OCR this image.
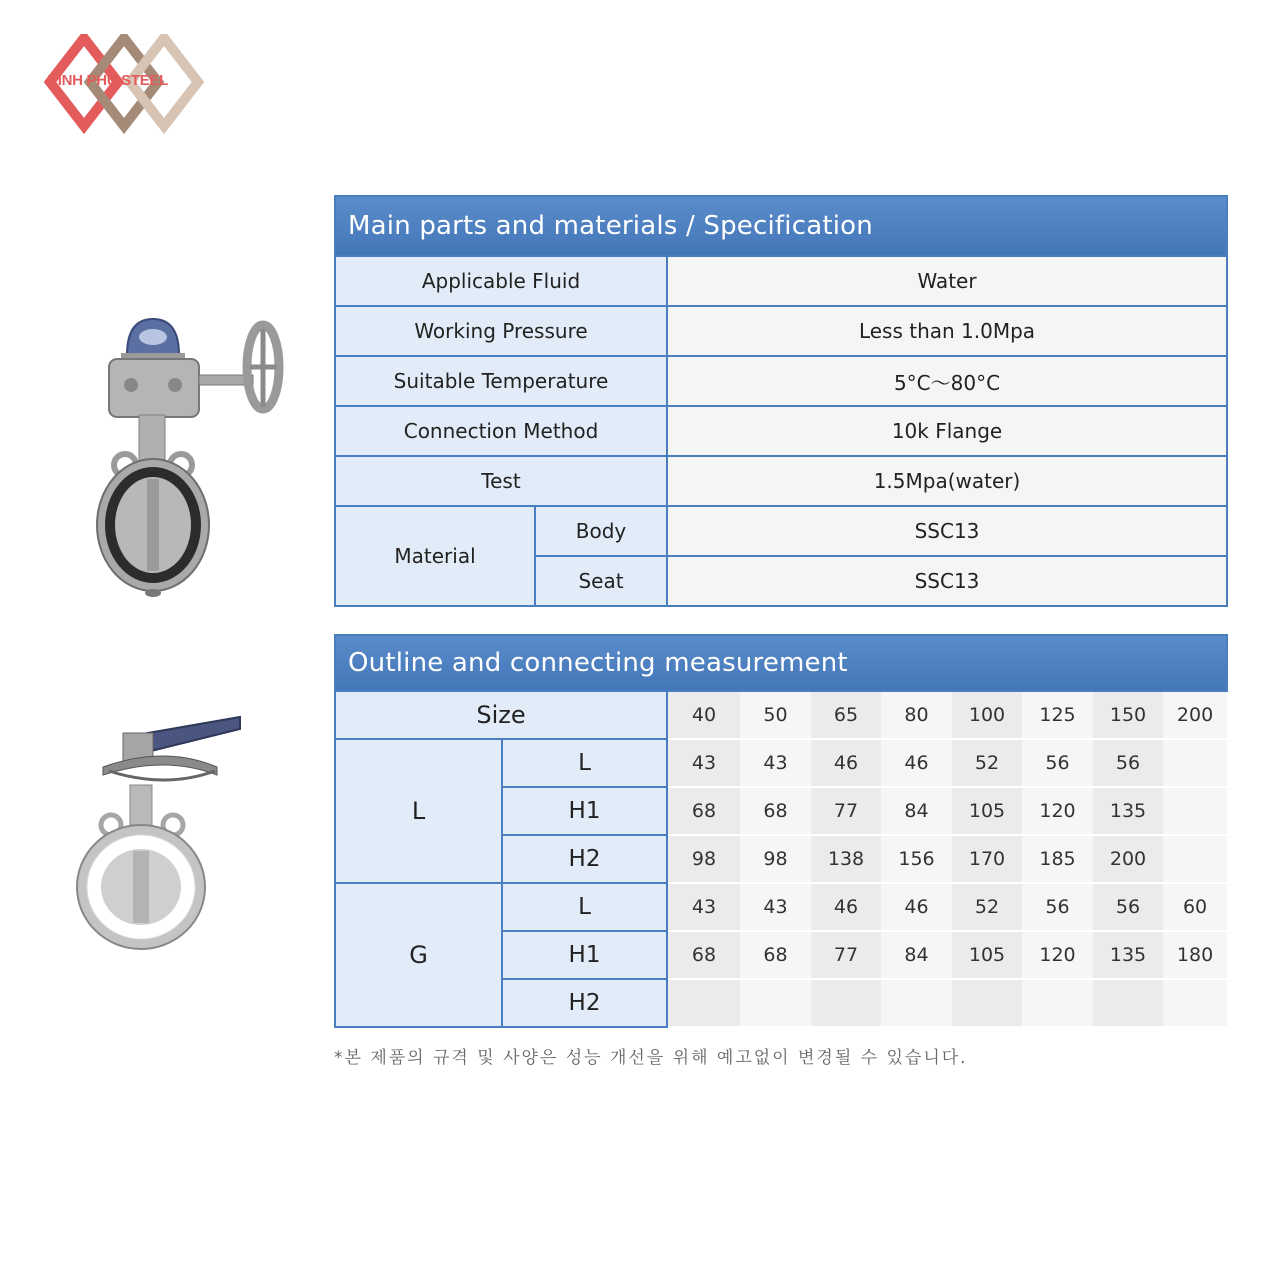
VINH PHU STEEL
Main parts and materials / Specification		
Applicable Fluid		Water
Working Pressure		Less than 1.0Mpa
Suitable Temperature		5°C～80°C
Connection Method		10k Flange
Test		1.5Mpa(water)
Material	Body	SSC13
	Seat	SSC13
Outline and connecting measurement									
Size		40	50	65	80	100	125	150	200
L	L	43	43	46	46	52	56	56	
	H1	68	68	77	84	105	120	135	
	H2	98	98	138	156	170	185	200	
G	L	43	43	46	46	52	56	56	60
	H1	68	68	77	84	105	120	135	180
	H2								
*본 제품의 규격 및 사양은 성능 개선을 위해 예고없이 변경될 수 있습니다.
